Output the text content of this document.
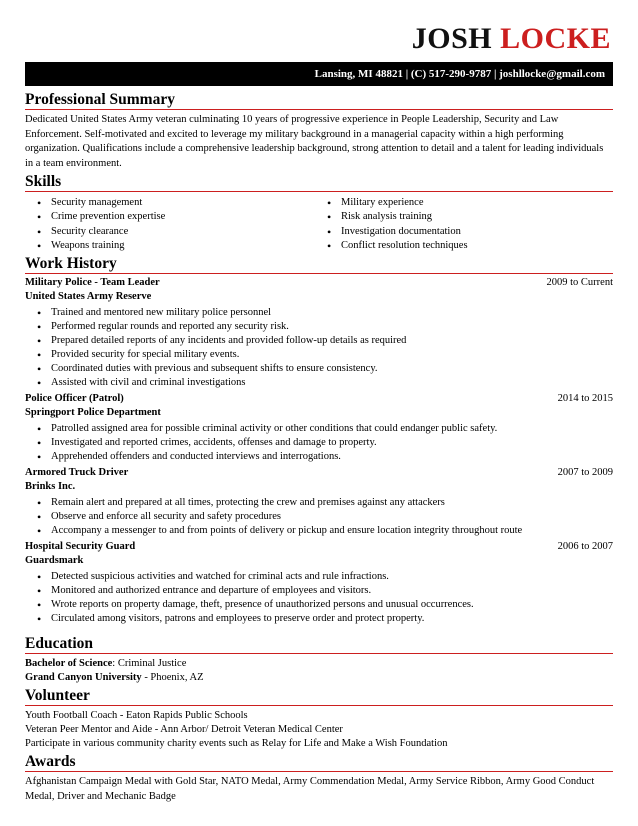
JOSH LOCKE
Lansing, MI 48821 | (C) 517-290-9787 | joshllocke@gmail.com
Professional Summary
Dedicated United States Army veteran culminating 10 years of progressive experience in People Leadership, Security and Law Enforcement. Self-motivated and excited to leverage my military background in a managerial capacity within a high performing organization. Qualifications include a comprehensive leadership background, strong attention to detail and a talent for leading individuals in a team environment.
Skills
• Security management
• Crime prevention expertise
• Security clearance
• Weapons training
• Military experience
• Risk analysis training
• Investigation documentation
• Conflict resolution techniques
Work History
Military Police - Team Leader	2009 to Current
United States Army Reserve
• Trained and mentored new military police personnel
• Performed regular rounds and reported any security risk.
• Prepared detailed reports of any incidents and provided follow-up details as required
• Provided security for special military events.
• Coordinated duties with previous and subsequent shifts to ensure consistency.
• Assisted with civil and criminal investigations
Police Officer (Patrol)	2014 to 2015
Springport Police Department
• Patrolled assigned area for possible criminal activity or other conditions that could endanger public safety.
• Investigated and reported crimes, accidents, offenses and damage to property.
• Apprehended offenders and conducted interviews and interrogations.
Armored Truck Driver	2007 to 2009
Brinks Inc.
• Remain alert and prepared at all times, protecting the crew and premises against any attackers
• Observe and enforce all security and safety procedures
• Accompany a messenger to and from points of delivery or pickup and ensure location integrity throughout route
Hospital Security Guard	2006 to 2007
Guardsmark
• Detected suspicious activities and watched for criminal acts and rule infractions.
• Monitored and authorized entrance and departure of employees and visitors.
• Wrote reports on property damage, theft, presence of unauthorized persons and unusual occurrences.
• Circulated among visitors, patrons and employees to preserve order and protect property.
Education
Bachelor of Science: Criminal Justice
Grand Canyon University - Phoenix, AZ
Volunteer
Youth Football Coach - Eaton Rapids Public Schools
Veteran Peer Mentor and Aide - Ann Arbor/ Detroit Veteran Medical Center
Participate in various community charity events such as Relay for Life and Make a Wish Foundation
Awards
Afghanistan Campaign Medal with Gold Star, NATO Medal, Army Commendation Medal, Army Service Ribbon, Army Good Conduct Medal, Driver and Mechanic Badge
